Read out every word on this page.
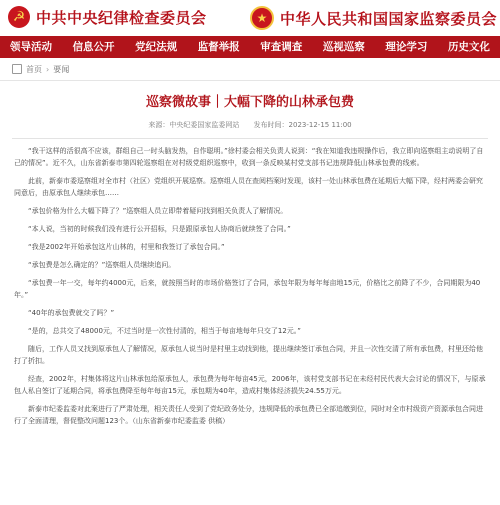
☭ 中共中央纪律检查委员会	★ 中华人民共和国国家监察委员会
领导活动 信息公开 党纪法规 监督举报 审查调查 巡视巡察 理论学习 历史文化
首页 › 要闻
巡察微故事｜大幅下降的山林承包费
来源：中央纪委国家监委网站 发布时间：2023-12-15 11:00

“我干这样的活很高不应该，群组自己一时头脑发热，自作聪明。”徐村委会相关负责人说到：“我在知道我违规操作后，我立即向巡察组主动说明了自己的情况”。近不久，山东省新泰市第四轮巡察组在对村级党组织巡察中，收到一条反映某村党支部书记违规降低山林承包费的线索。

此前，新泰市委巡察组对全市村（社区）党组织开展巡察。巡察组人员在查阅档案时发现，该村一处山林承包费在延期后大幅下降，经村两委会研究同意后，由原承包人继续承包……

“承包价格为什么大幅下降了？”巡察组人员立即带着疑问找到相关负责人了解情况。

“本人说，当初的时候我们没有进行公开招标，只是跟原承包人协商后就续签了合同。”

“我是2002年开始承包这片山林的，村里和我签订了承包合同。”

“承包费是怎么确定的？”巡察组人员继续追问。

“承包费一年一交，每年约4000元，后来，就按照当时的市场价格签订了合同，承包年限为每年每亩地15元，价格比之前降了不少，合同期限为40年。”

“40年的承包费就交了吗？”

“是的，总共交了48000元，不过当时是一次性付清的，相当于每亩地每年只交了12元。”

随后，工作人员又找到原承包人了解情况，原承包人说当时是村里主动找到他，提出继续签订承包合同，并且一次性交清了所有承包费，村里还给他打了折扣。

经查，2002年，村集体将这片山林承包给原承包人，承包费为每年每亩45元，2006年，该村党支部书记在未经村民代表大会讨论的情况下，与原承包人私自签订了延期合同，将承包费降至每年每亩15元，承包期为40年，造成村集体经济损失24.55万元。

新泰市纪委监委对此案进行了严肃处理，相关责任人受到了党纪政务处分，违规降低的承包费已全部追缴到位，同时对全市村级资产资源承包合同进行了全面清理，督促整改问题123个。（山东省新泰市纪委监委 供稿）
